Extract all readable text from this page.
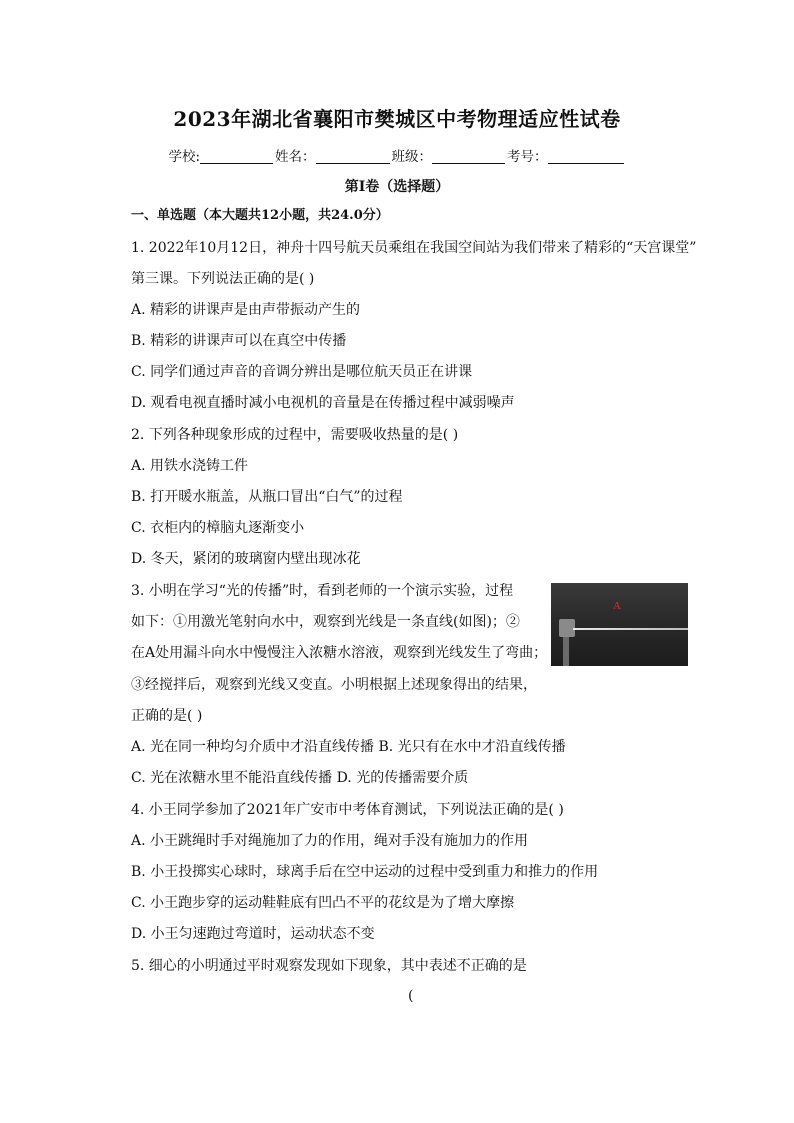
2023年湖北省襄阳市樊城区中考物理适应性试卷
学校:	姓名：	班级：	考号：
第I卷（选择题）
一、单选题（本大题共12小题，共24.0分）
1. 2022年10月12日，神舟十四号航天员乘组在我国空间站为我们带来了精彩的“天宫课堂”
第三课。下列说法正确的是( )
A. 精彩的讲课声是由声带振动产生的
B. 精彩的讲课声可以在真空中传播
C. 同学们通过声音的音调分辨出是哪位航天员正在讲课
D. 观看电视直播时减小电视机的音量是在传播过程中减弱噪声
2. 下列各种现象形成的过程中，需要吸收热量的是( )
A. 用铁水浇铸工件
B. 打开暖水瓶盖，从瓶口冒出“白气”的过程
C. 衣柜内的樟脑丸逐渐变小
D. 冬天，紧闭的玻璃窗内壁出现冰花
3. 小明在学习“光的传播”时，看到老师的一个演示实验，过程
如下：①用激光笔射向水中，观察到光线是一条直线(如图)；②
在A处用漏斗向水中慢慢注入浓糖水溶液，观察到光线发生了弯曲；
③经搅拌后，观察到光线又变直。小明根据上述现象得出的结果，
正确的是( )
A. 光在同一种均匀介质中才沿直线传播 B. 光只有在水中才沿直线传播
C. 光在浓糖水里不能沿直线传播 D. 光的传播需要介质
A
4. 小王同学参加了2021年广安市中考体育测试，下列说法正确的是( )
A. 小王跳绳时手对绳施加了力的作用，绳对手没有施加力的作用
B. 小王投掷实心球时，球离手后在空中运动的过程中受到重力和推力的作用
C. 小王跑步穿的运动鞋鞋底有凹凸不平的花纹是为了增大摩擦
D. 小王匀速跑过弯道时，运动状态不变
5. 细心的小明通过平时观察发现如下现象，其中表述不正确的是
(
